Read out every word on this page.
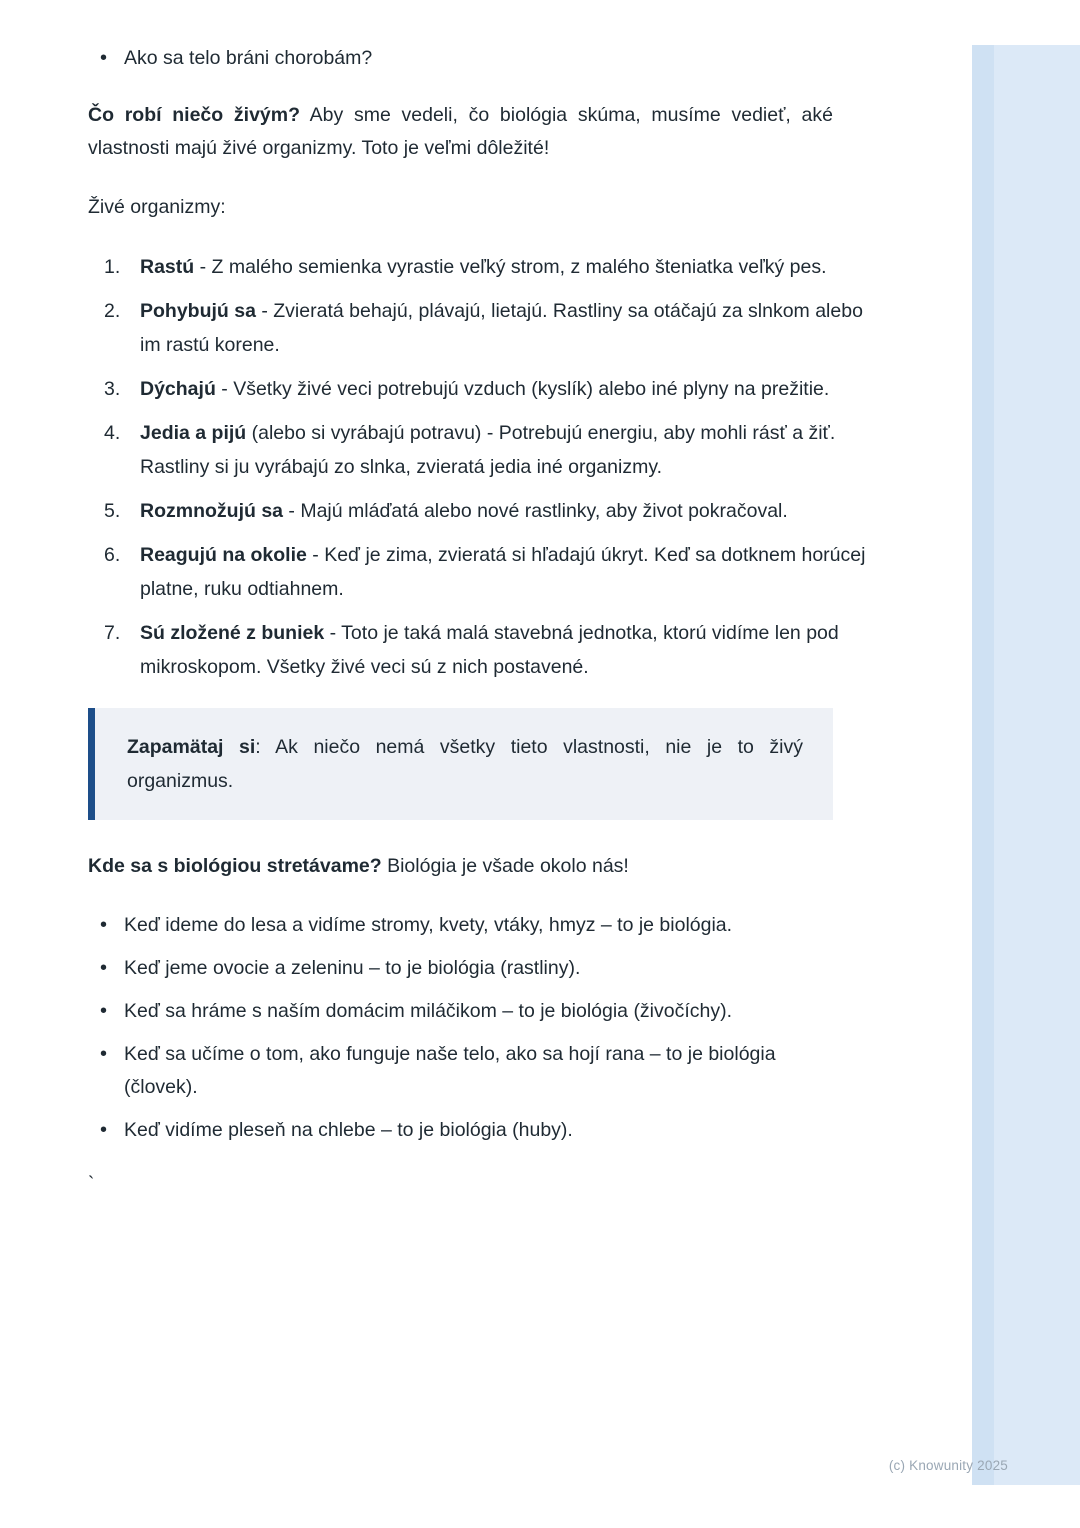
• Ako sa telo bráni chorobám?

Čo robí niečo živým? Aby sme vedeli, čo biológia skúma, musíme vedieť, aké vlastnosti majú živé organizmy. Toto je veľmi dôležité!

Živé organizmy:

Rastú - Z malého semienka vyrastie veľký strom, z malého šteniatka veľký pes.
Pohybujú sa - Zvieratá behajú, plávajú, lietajú. Rastliny sa otáčajú za slnkom alebo im rastú korene.
Dýchajú - Všetky živé veci potrebujú vzduch (kyslík) alebo iné plyny na prežitie.
Jedia a pijú (alebo si vyrábajú potravu) - Potrebujú energiu, aby mohli rásť a žiť. Rastliny si ju vyrábajú zo slnka, zvieratá jedia iné organizmy.
Rozmnožujú sa - Majú mláďatá alebo nové rastlinky, aby život pokračoval.
Reagujú na okolie - Keď je zima, zvieratá si hľadajú úkryt. Keď sa dotknem horúcej platne, ruku odtiahnem.
Sú zložené z buniek - Toto je taká malá stavebná jednotka, ktorú vidíme len pod mikroskopom. Všetky živé veci sú z nich postavené.

Zapamätaj si: Ak niečo nemá všetky tieto vlastnosti, nie je to živý organizmus.

Kde sa s biológiou stretávame? Biológia je všade okolo nás!

• Keď ideme do lesa a vidíme stromy, kvety, vtáky, hmyz – to je biológia.
• Keď jeme ovocie a zeleninu – to je biológia (rastliny).
• Keď sa hráme s naším domácim miláčikom – to je biológia (živočíchy).
• Keď sa učíme o tom, ako funguje naše telo, ako sa hojí rana – to je biológia (človek).
• Keď vidíme pleseň na chlebe – to je biológia (huby).

`

(c) Knowunity 2025
